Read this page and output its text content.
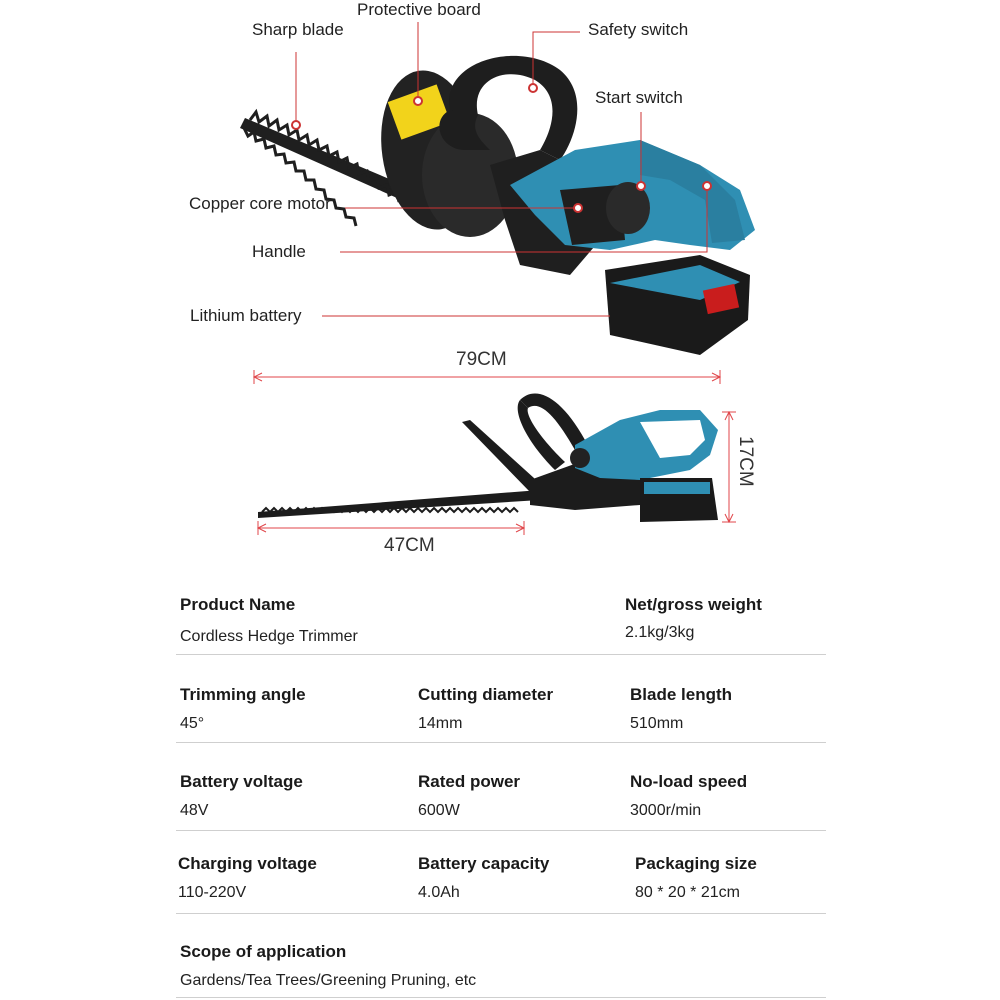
Protective board
Sharp blade	Safety switch
Start switch
Copper core motor
Handle
Lithium battery
79CM
47CM
17CM
Product Name
Cordless Hedge Trimmer
Net/gross weight
2.1kg/3kg
Trimming angle
45°
Cutting diameter
14mm
Blade length
510mm
Battery voltage
48V
Rated power
600W
No-load speed
3000r/min
Charging voltage
110-220V
Battery capacity
4.0Ah
Packaging size
80 * 20 * 21cm
Scope of application
Gardens/Tea Trees/Greening Pruning, etc
